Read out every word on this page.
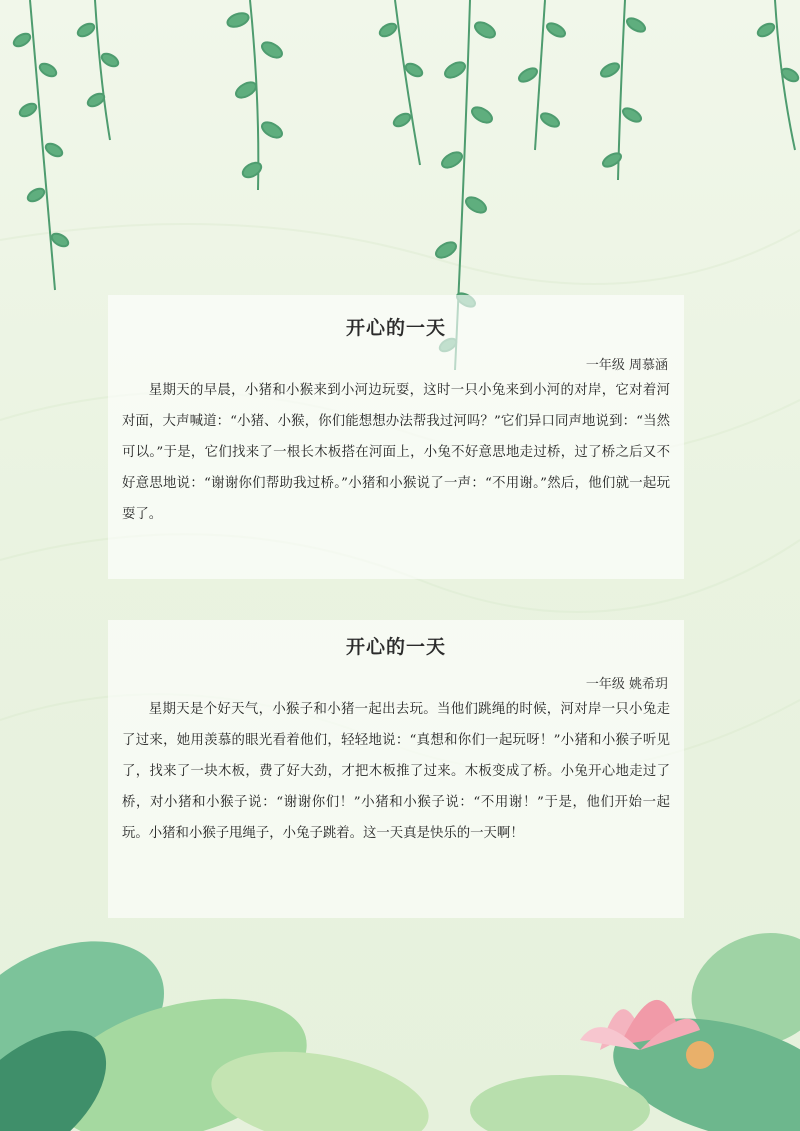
开心的一天
一年级 周慕涵
星期天的早晨，小猪和小猴来到小河边玩耍，这时一只小兔来到小河的对岸，它对着河对面，大声喊道：“小猪、小猴，你们能想想办法帮我过河吗？”它们异口同声地说到：“当然可以。”于是，它们找来了一根长木板搭在河面上，小兔不好意思地走过桥，过了桥之后又不好意思地说：“谢谢你们帮助我过桥。”小猪和小猴说了一声：“不用谢。”然后，他们就一起玩耍了。
开心的一天
一年级 姚希玥
星期天是个好天气，小猴子和小猪一起出去玩。当他们跳绳的时候，河对岸一只小兔走了过来，她用羡慕的眼光看着他们，轻轻地说：“真想和你们一起玩呀！”小猪和小猴子听见了，找来了一块木板，费了好大劲，才把木板推了过来。木板变成了桥。小兔开心地走过了桥，对小猪和小猴子说：“谢谢你们！”小猪和小猴子说：“不用谢！”于是，他们开始一起玩。小猪和小猴子甩绳子，小兔子跳着。这一天真是快乐的一天啊！
